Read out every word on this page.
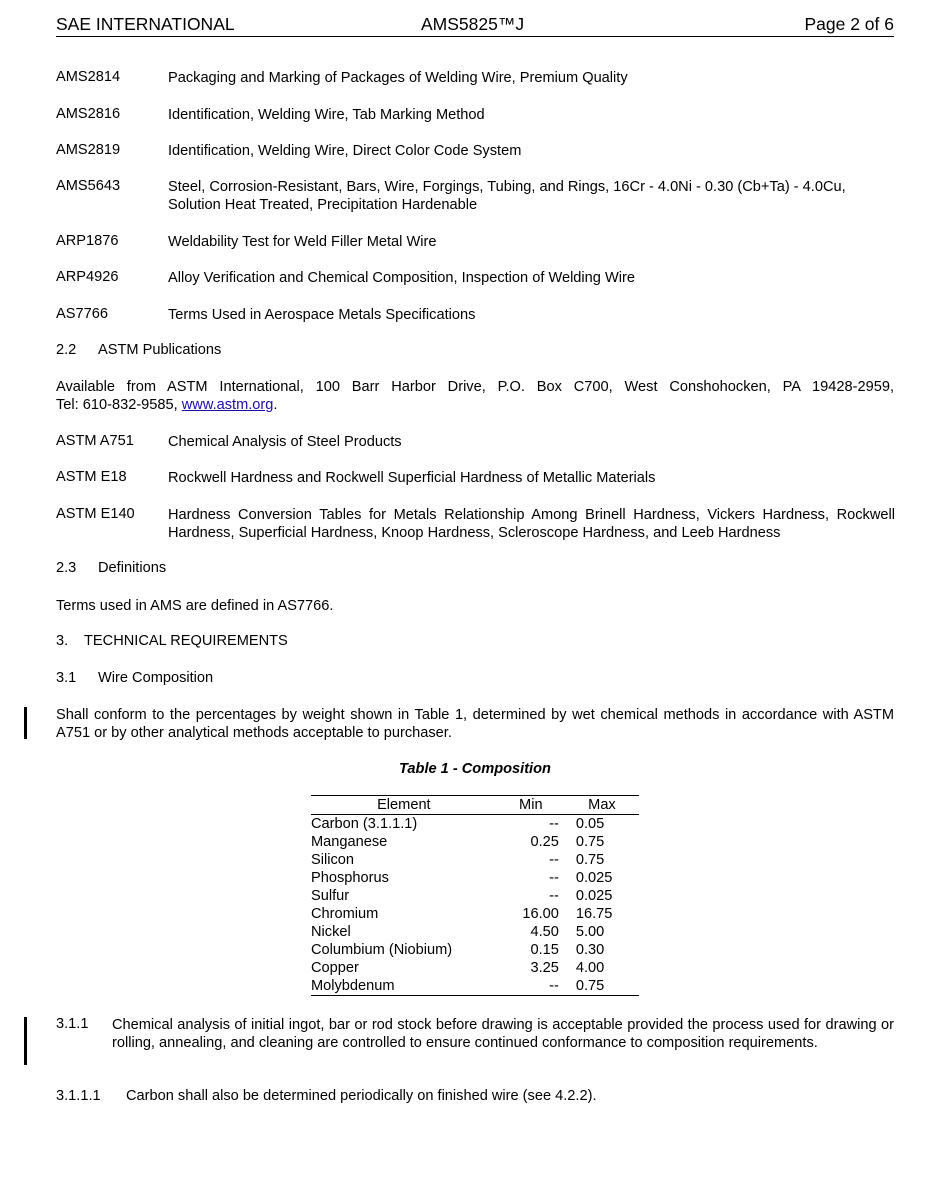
SAE INTERNATIONAL	AMS5825™J	Page 2 of 6
AMS2814	Packaging and Marking of Packages of Welding Wire, Premium Quality
AMS2816	Identification, Welding Wire, Tab Marking Method
AMS2819	Identification, Welding Wire, Direct Color Code System
AMS5643	Steel, Corrosion-Resistant, Bars, Wire, Forgings, Tubing, and Rings, 16Cr - 4.0Ni - 0.30 (Cb+Ta) - 4.0Cu, Solution Heat Treated, Precipitation Hardenable
ARP1876	Weldability Test for Weld Filler Metal Wire
ARP4926	Alloy Verification and Chemical Composition, Inspection of Welding Wire
AS7766	Terms Used in Aerospace Metals Specifications
2.2 ASTM Publications
Available from ASTM International, 100 Barr Harbor Drive, P.O. Box C700, West Conshohocken, PA 19428-2959,
Tel: 610-832-9585, www.astm.org.
ASTM A751 Chemical Analysis of Steel Products
ASTM E18	Rockwell Hardness and Rockwell Superficial Hardness of Metallic Materials
ASTM E140 Hardness Conversion Tables for Metals Relationship Among Brinell Hardness, Vickers Hardness, Rockwell Hardness, Superficial Hardness, Knoop Hardness, Scleroscope Hardness, and Leeb Hardness
2.3 Definitions
Terms used in AMS are defined in AS7766.
3. TECHNICAL REQUIREMENTS
3.1 Wire Composition
Shall conform to the percentages by weight shown in Table 1, determined by wet chemical methods in accordance with ASTM A751 or by other analytical methods acceptable to purchaser.
Table 1 - Composition
Element	Min	Max
Carbon (3.1.1.1)	--	0.05
Manganese	0.25	0.75
Silicon	--	0.75
Phosphorus	--	0.025
Sulfur	--	0.025
Chromium	16.00	16.75
Nickel	4.50	5.00
Columbium (Niobium)	0.15	0.30
Copper	3.25	4.00
Molybdenum	--	0.75
3.1.1 Chemical analysis of initial ingot, bar or rod stock before drawing is acceptable provided the process used for drawing or rolling, annealing, and cleaning are controlled to ensure continued conformance to composition requirements.
3.1.1.1 Carbon shall also be determined periodically on finished wire (see 4.2.2).
